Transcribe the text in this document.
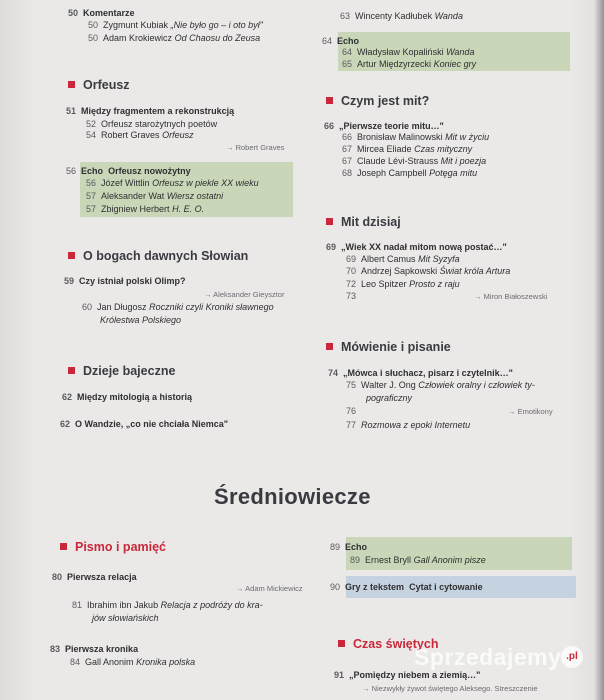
50 Komentarze
50 Zygmunt Kubiak „Nie było go – i oto był"
50 Adam Krokiewicz Od Chaosu do Zeusa
Orfeusz
51 Między fragmentem a rekonstrukcją
52 Orfeusz starożytnych poetów
54 Robert Graves Orfeusz
→ Robert Graves
56 Echo Orfeusz nowożytny
56 Józef Wittlin Orfeusz w piekle XX wieku
57 Aleksander Wat Wiersz ostatni
57 Zbigniew Herbert H. E. O.
O bogach dawnych Słowian
59 Czy istniał polski Olimp?
→ Aleksander Gieysztor
60 Jan Długosz Roczniki czyli Kroniki sławnego
Królestwa Polskiego
Dzieje bajeczne
62 Między mitologią a historią
62 O Wandzie, „co nie chciała Niemca"
63 Wincenty Kadłubek Wanda
64 Echo
64 Władysław Kopaliński Wanda
65 Artur Międzyrzecki Koniec gry
Czym jest mit?
66 „Pierwsze teorie mitu…"
66 Bronisław Malinowski Mit w życiu
67 Mircea Eliade Czas mityczny
67 Claude Lévi-Strauss Mit i poezja
68 Joseph Campbell Potęga mitu
Mit dzisiaj
69 „Wiek XX nadał mitom nową postać…"
69 Albert Camus Mit Syzyfa
70 Andrzej Sapkowski Świat króla Artura
72 Leo Spitzer Prosto z raju
73	→ Miron Białoszewski
Mówienie i pisanie
74 „Mówca i słuchacz, pisarz i czytelnik…"
75 Walter J. Ong Człowiek oralny i człowiek ty-
pograficzny
76	→ Emotikony
77 Rozmowa z epoki Internetu
Średniowiecze
Pismo i pamięć
80 Pierwsza relacja
→ Adam Mickiewicz
81 Ibrahim ibn Jakub Relacja z podróży do kra-
jów słowiańskich
83 Pierwsza kronika
84 Gall Anonim Kronika polska
89 Echo
89 Ernest Bryll Gall Anonim pisze
90 Gry z tekstem Cytat i cytowanie
Czas świętych
91 „Pomiędzy niebem a ziemią…"
→ Niezwykły żywot świętego Aleksego. Streszczenie
Sprzedajemy .pl
